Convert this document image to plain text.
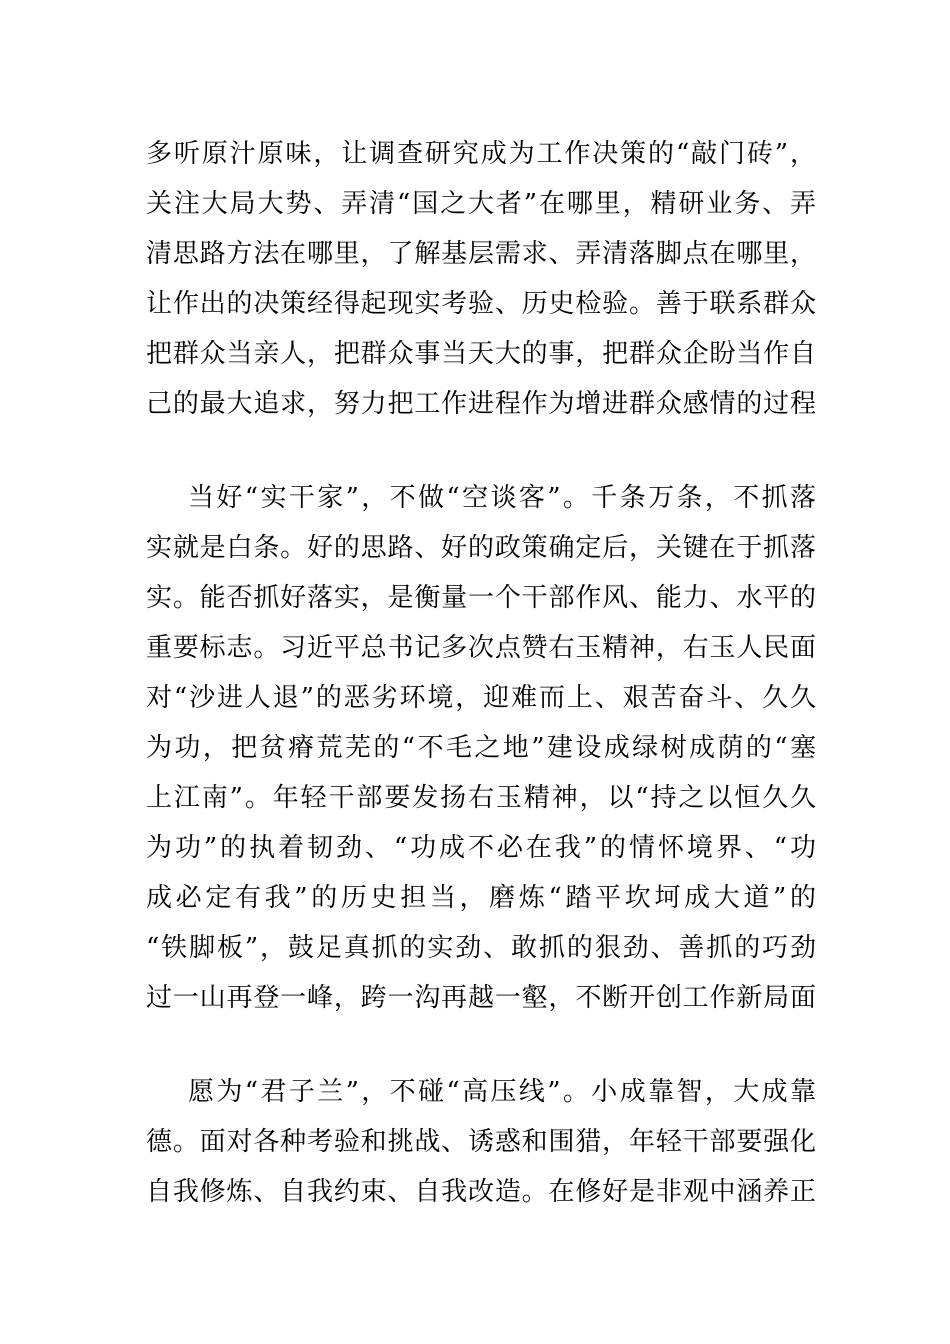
多听原汁原味，让调查研究成为工作决策的“敲门砖”，
关注大局大势、弄清“国之大者”在哪里，精研业务、弄
清思路方法在哪里，了解基层需求、弄清落脚点在哪里，
让作出的决策经得起现实考验、历史检验。善于联系群众
把群众当亲人，把群众事当天大的事，把群众企盼当作自
己的最大追求，努力把工作进程作为增进群众感情的过程
当好“实干家”，不做“空谈客”。千条万条，不抓落
实就是白条。好的思路、好的政策确定后，关键在于抓落
实。能否抓好落实，是衡量一个干部作风、能力、水平的
重要标志。习近平总书记多次点赞右玉精神，右玉人民面
对“沙进人退”的恶劣环境，迎难而上、艰苦奋斗、久久
为功，把贫瘠荒芜的“不毛之地”建设成绿树成荫的“塞
上江南”。年轻干部要发扬右玉精神，以“持之以恒久久
为功”的执着韧劲、“功成不必在我”的情怀境界、“功
成必定有我”的历史担当，磨炼“踏平坎坷成大道”的
“铁脚板”，鼓足真抓的实劲、敢抓的狠劲、善抓的巧劲
过一山再登一峰，跨一沟再越一壑，不断开创工作新局面
愿为“君子兰”，不碰“高压线”。小成靠智，大成靠
德。面对各种考验和挑战、诱惑和围猎，年轻干部要强化
自我修炼、自我约束、自我改造。在修好是非观中涵养正
